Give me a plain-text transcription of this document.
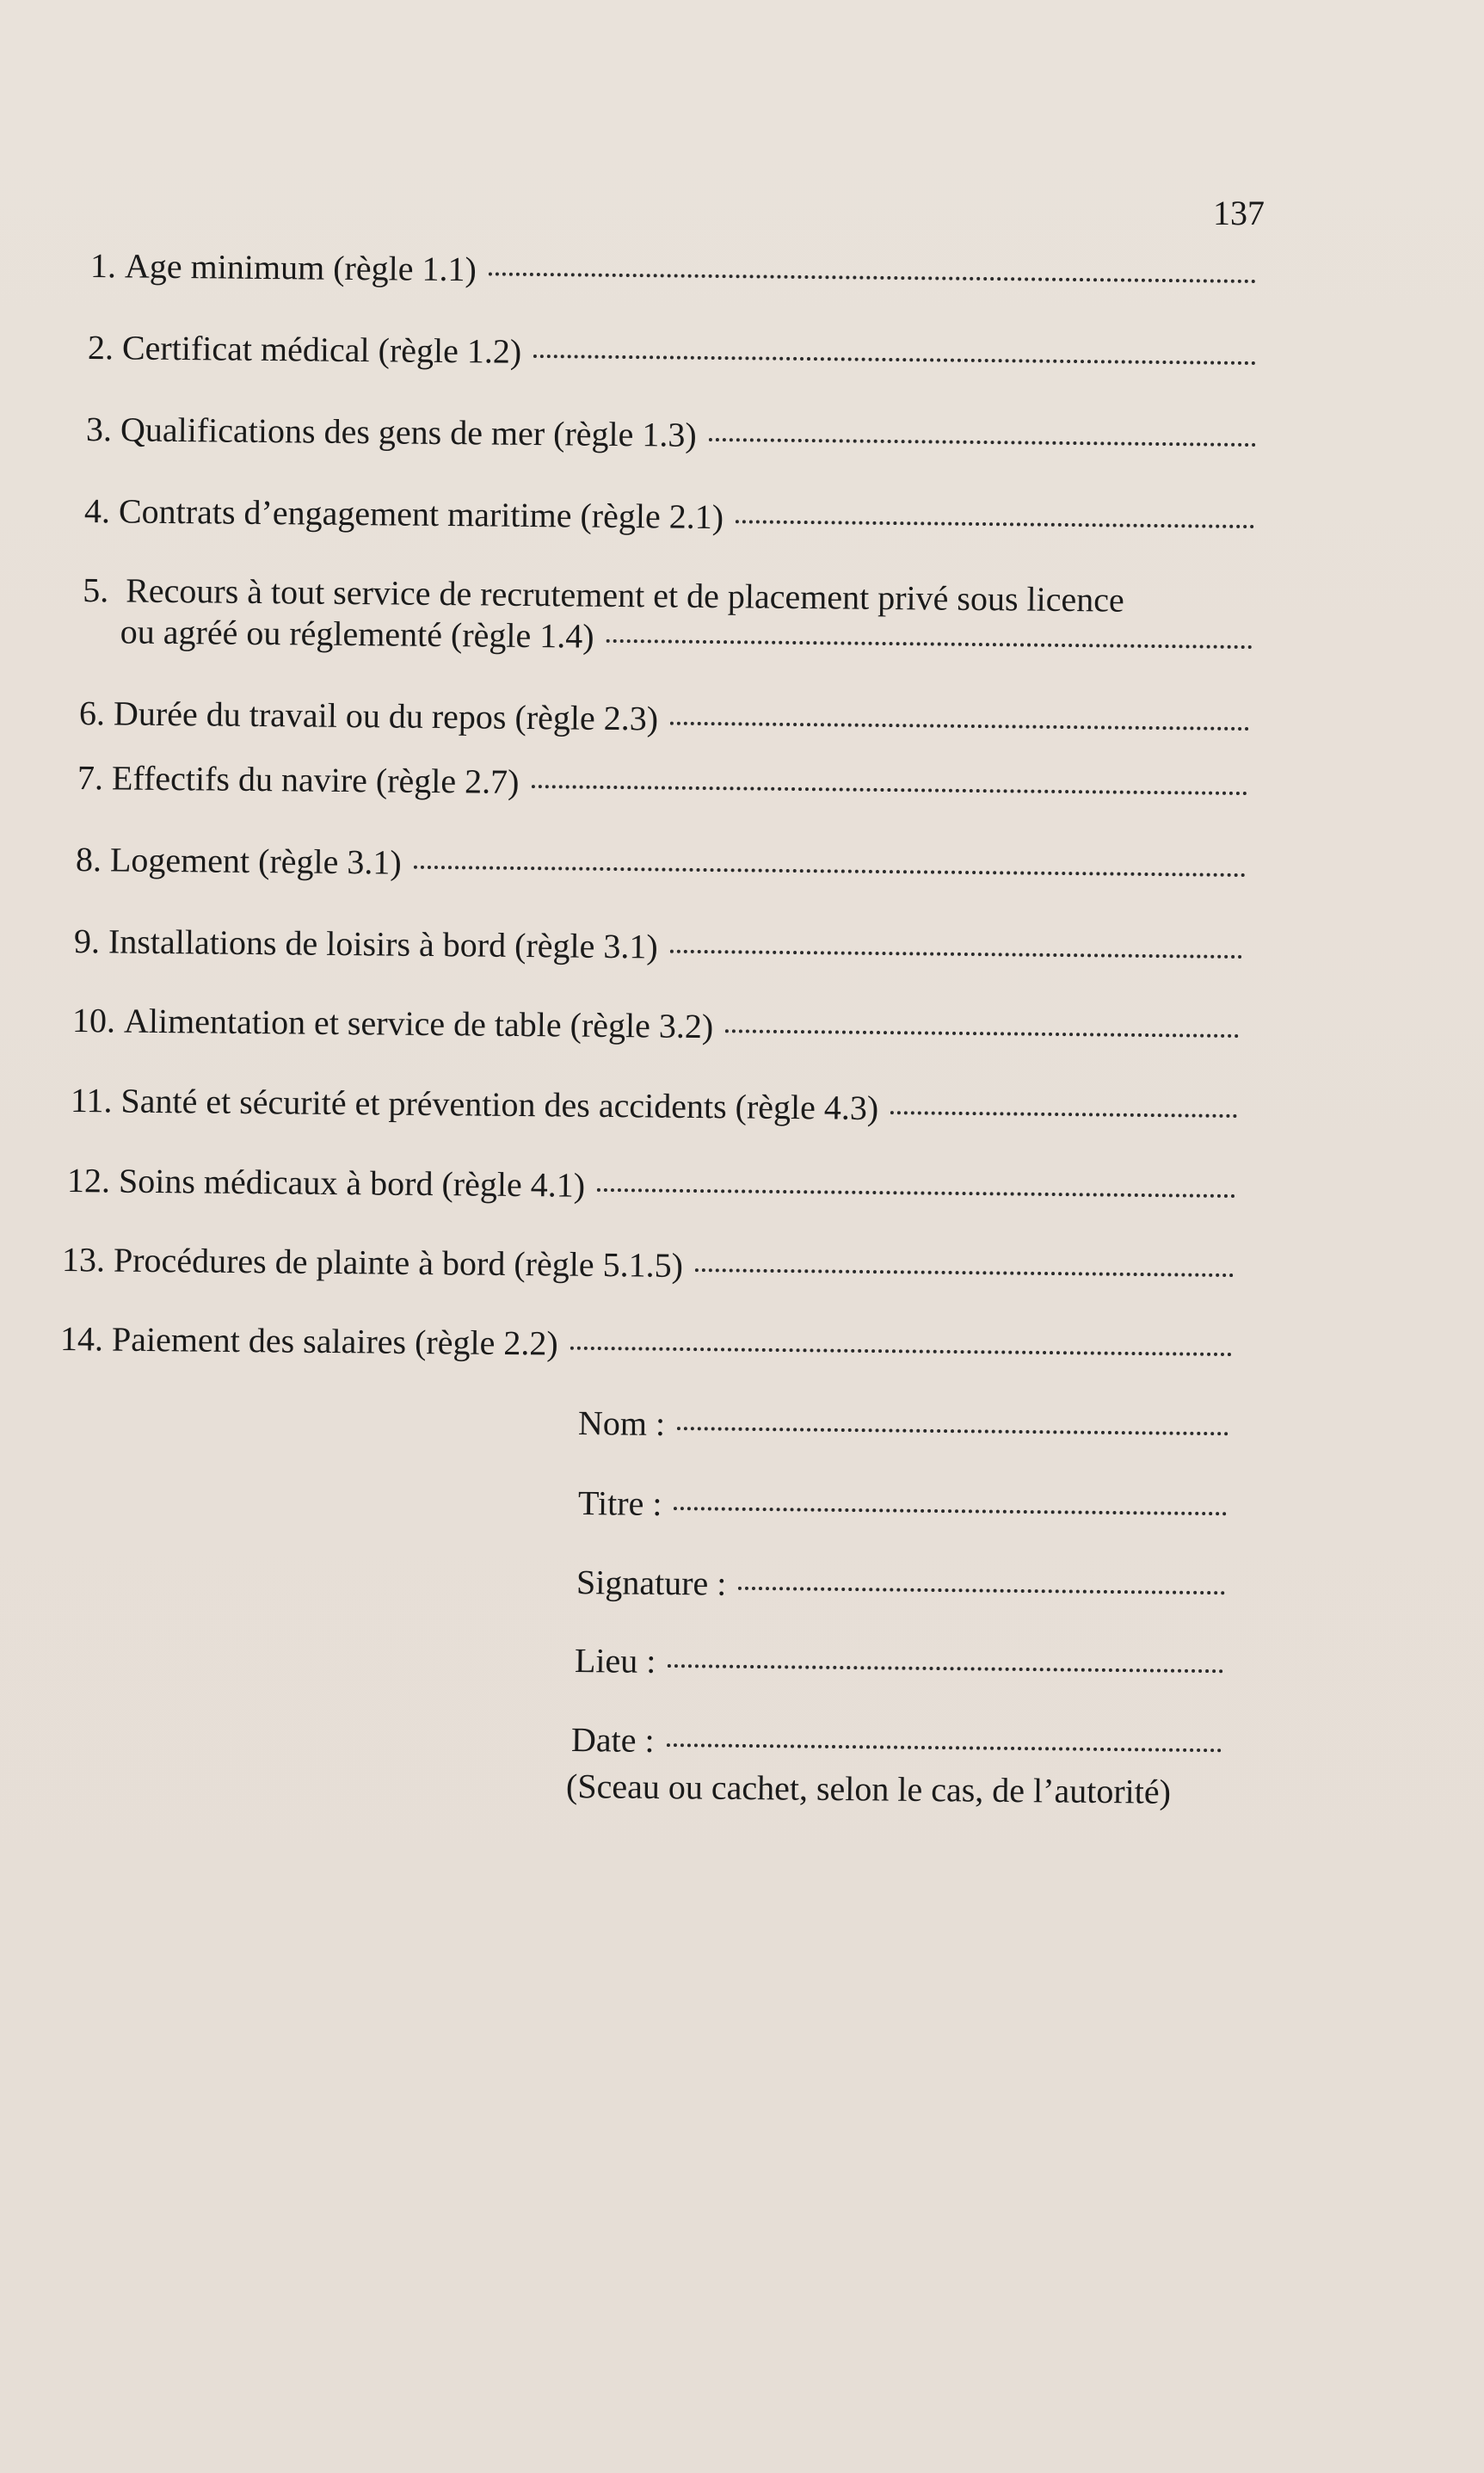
137
1. Age minimum (règle 1.1)
2. Certificat médical (règle 1.2)
3. Qualifications des gens de mer (règle 1.3)
4. Contrats d’engagement maritime (règle 2.1)
5. Recours à tout service de recrutement et de placement privé sous licence
ou agréé ou réglementé (règle 1.4)
6. Durée du travail ou du repos (règle 2.3)
7. Effectifs du navire (règle 2.7)
8. Logement (règle 3.1)
9. Installations de loisirs à bord (règle 3.1)
10. Alimentation et service de table (règle 3.2)
11. Santé et sécurité et prévention des accidents (règle 4.3)
12. Soins médicaux à bord (règle 4.1)
13. Procédures de plainte à bord (règle 5.1.5)
14. Paiement des salaires (règle 2.2)
Nom :
Titre :
Signature :
Lieu :
Date :
(Sceau ou cachet, selon le cas, de l’autorité)
